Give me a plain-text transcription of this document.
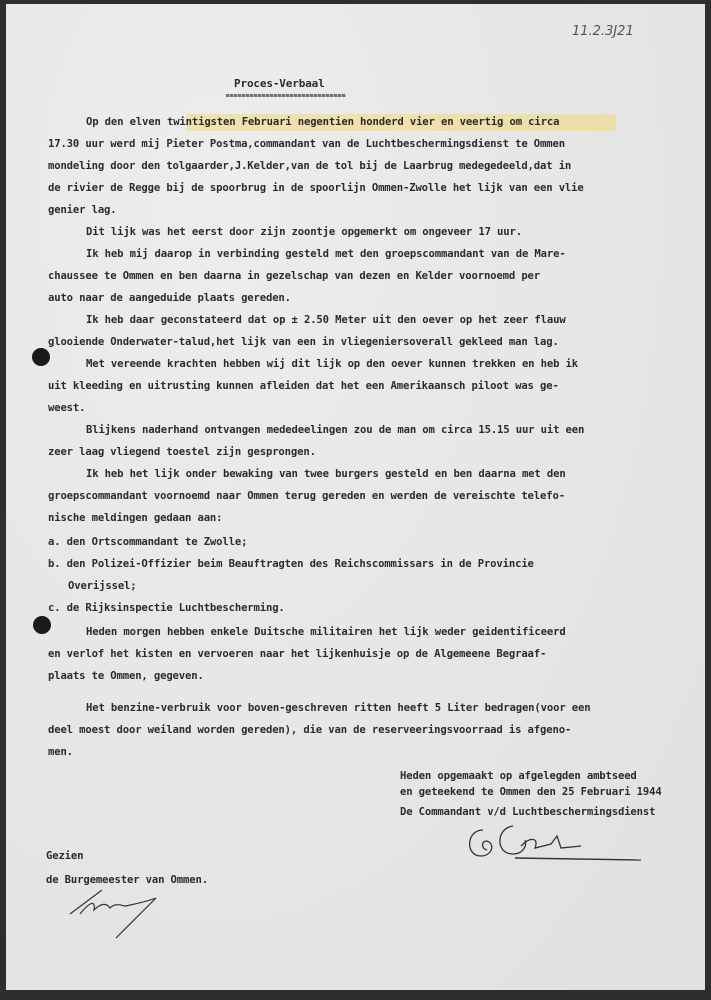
11.2.3J21
Proces-Verbaal
Op den elven twintigsten Februari negentien honderd vier en veertig om circa
17.30 uur werd mij Pieter Postma,commandant van de Luchtbeschermingsdienst te Ommen
mondeling door den tolgaarder,J.Kelder,van de tol bij de Laarbrug medegedeeld,dat in
de rivier de Regge bij de spoorbrug in de spoorlijn Ommen-Zwolle het lijk van een vlie
genier lag.
Dit lijk was het eerst door zijn zoontje opgemerkt om ongeveer 17 uur.
Ik heb mij daarop in verbinding gesteld met den groepscommandant van de Mare-
chaussee te Ommen en ben daarna in gezelschap van dezen en Kelder voornoemd per
auto naar de aangeduide plaats gereden.
Ik heb daar geconstateerd dat op ± 2.50 Meter uit den oever op het zeer flauw
glooiende Onderwater-talud,het lijk van een in vliegeniersoverall gekleed man lag.
Met vereende krachten hebben wij dit lijk op den oever kunnen trekken en heb ik
uit kleeding en uitrusting kunnen afleiden dat het een Amerikaansch piloot was ge-
weest.
Blijkens naderhand ontvangen mededeelingen zou de man om circa 15.15 uur uit een
zeer laag vliegend toestel zijn gesprongen.
Ik heb het lijk onder bewaking van twee burgers gesteld en ben daarna met den
groepscommandant voornoemd naar Ommen terug gereden en werden de vereischte telefo-
nische meldingen gedaan aan:
a. den Ortscommandant te Zwolle;
b. den Polizei-Offizier beim Beauftragten des Reichscommissars in de Provincie
Overijssel;
c. de Rijksinspectie Luchtbescherming.
Heden morgen hebben enkele Duitsche militairen het lijk weder geidentificeerd
en verlof het kisten en vervoeren naar het lijkenhuisje op de Algemeene Begraaf-
plaats te Ommen, gegeven.
Het benzine-verbruik voor boven-geschreven ritten heeft 5 Liter bedragen(voor een
deel moest door weiland worden gereden), die van de reserveeringsvoorraad is afgeno-
men.
Heden opgemaakt op afgelegden ambtseed
en geteekend te Ommen den 25 Februari 1944
De Commandant v/d Luchtbeschermingsdienst
Gezien
de Burgemeester van Ommen.
